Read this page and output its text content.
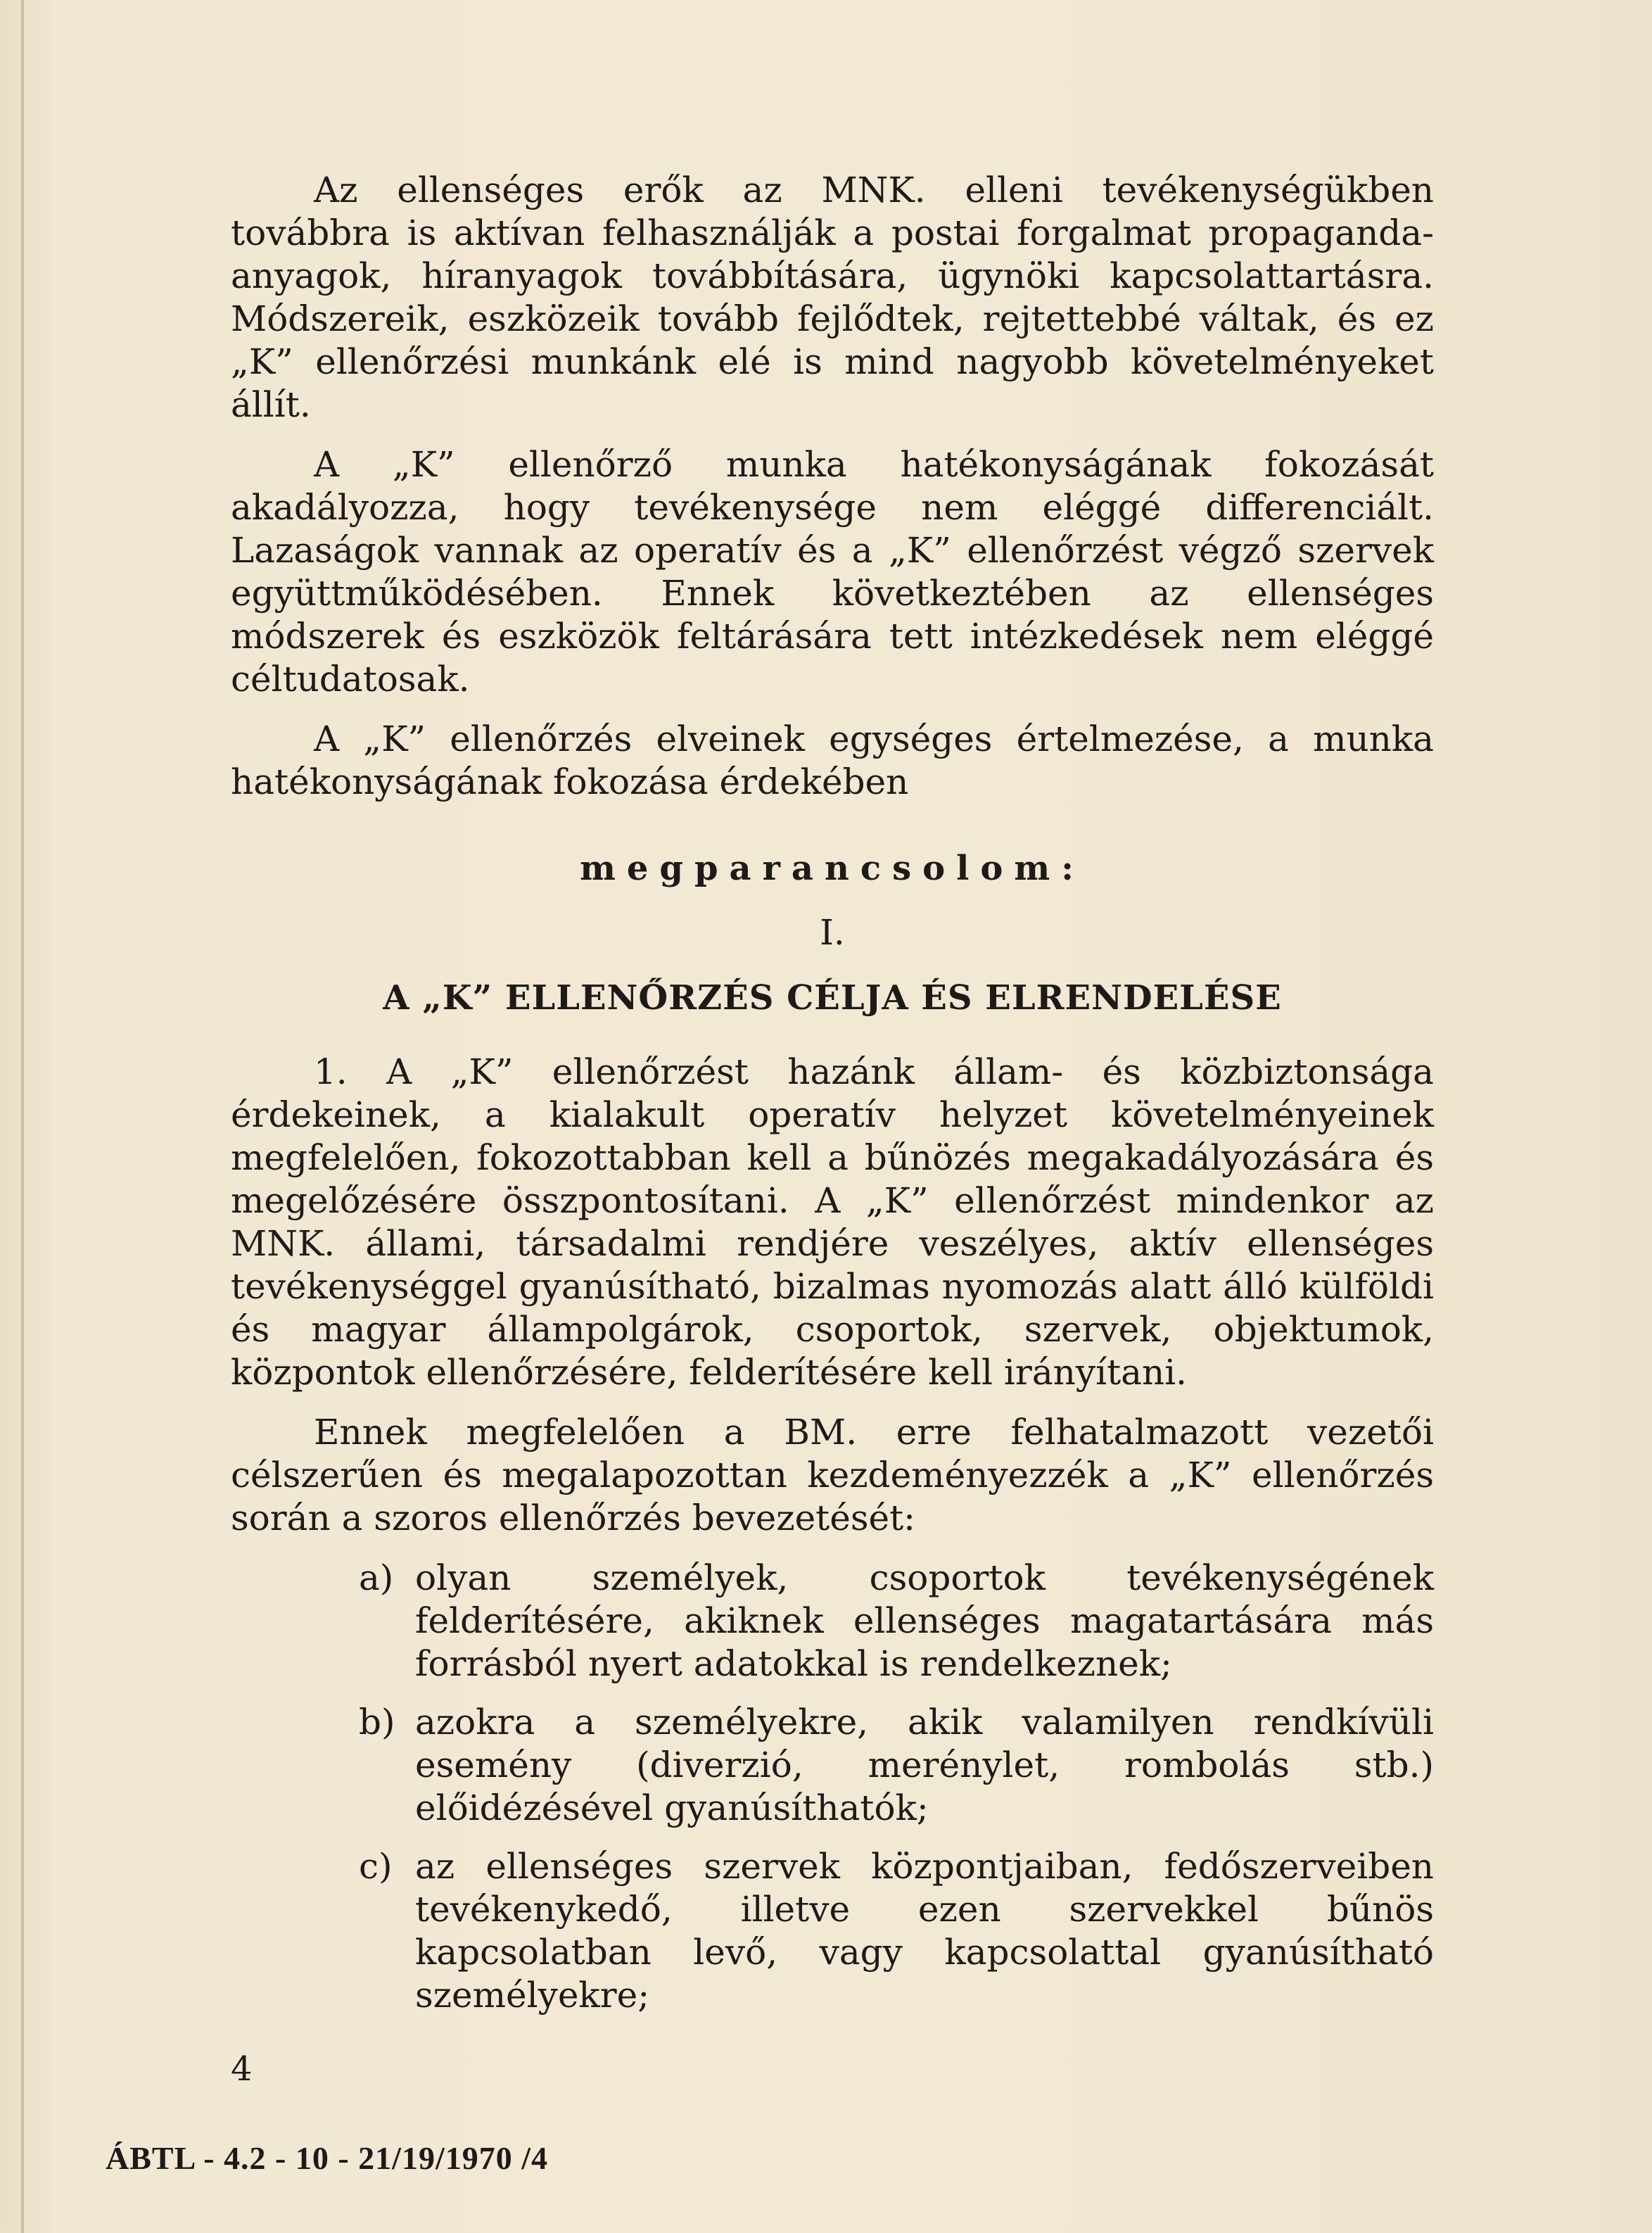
Az ellenséges erők az MNK. elleni tevékenységükben továbbra is aktívan felhasználják a postai forgalmat propaganda-anyagok, híranyagok továbbítására, ügynöki kapcsolattartásra. Módszereik, eszközeik tovább fejlődtek, rejtettebbé váltak, és ez „K” ellenőrzési munkánk elé is mind nagyobb követelményeket állít.

A „K” ellenőrző munka hatékonyságának fokozását akadályozza, hogy tevékenysége nem eléggé differenciált. Lazaságok vannak az operatív és a „K” ellenőrzést végző szervek együttműködésében. Ennek következtében az ellenséges módszerek és eszközök feltárására tett intézkedések nem eléggé céltudatosak.

A „K” ellenőrzés elveinek egységes értelmezése, a munka hatékonyságának fokozása érdekében

megparancsolom:

I.

A „K” ELLENŐRZÉS CÉLJA ÉS ELRENDELÉSE

1. A „K” ellenőrzést hazánk állam- és közbiztonsága érdekeinek, a kialakult operatív helyzet követelményeinek megfelelően, fokozottabban kell a bűnözés megakadályozására és megelőzésére összpontosítani. A „K” ellenőrzést mindenkor az MNK. állami, társadalmi rendjére veszélyes, aktív ellenséges tevékenységgel gyanúsítható, bizalmas nyomozás alatt álló külföldi és magyar állampolgárok, csoportok, szervek, objektumok, központok ellenőrzésére, felderítésére kell irányítani.

Ennek megfelelően a BM. erre felhatalmazott vezetői célszerűen és megalapozottan kezdeményezzék a „K” ellenőrzés során a szoros ellenőrzés bevezetését:

a) olyan személyek, csoportok tevékenységének felderítésére, akiknek ellenséges magatartására más forrásból nyert adatokkal is rendelkeznek;
b) azokra a személyekre, akik valamilyen rendkívüli esemény (diverzió, merénylet, rombolás stb.) előidézésével gyanúsíthatók;
c) az ellenséges szervek központjaiban, fedőszerveiben tevékenykedő, illetve ezen szervekkel bűnös kapcsolatban levő, vagy kapcsolattal gyanúsítható személyekre;
4
ÁBTL - 4.2 - 10 - 21/19/1970 /4
